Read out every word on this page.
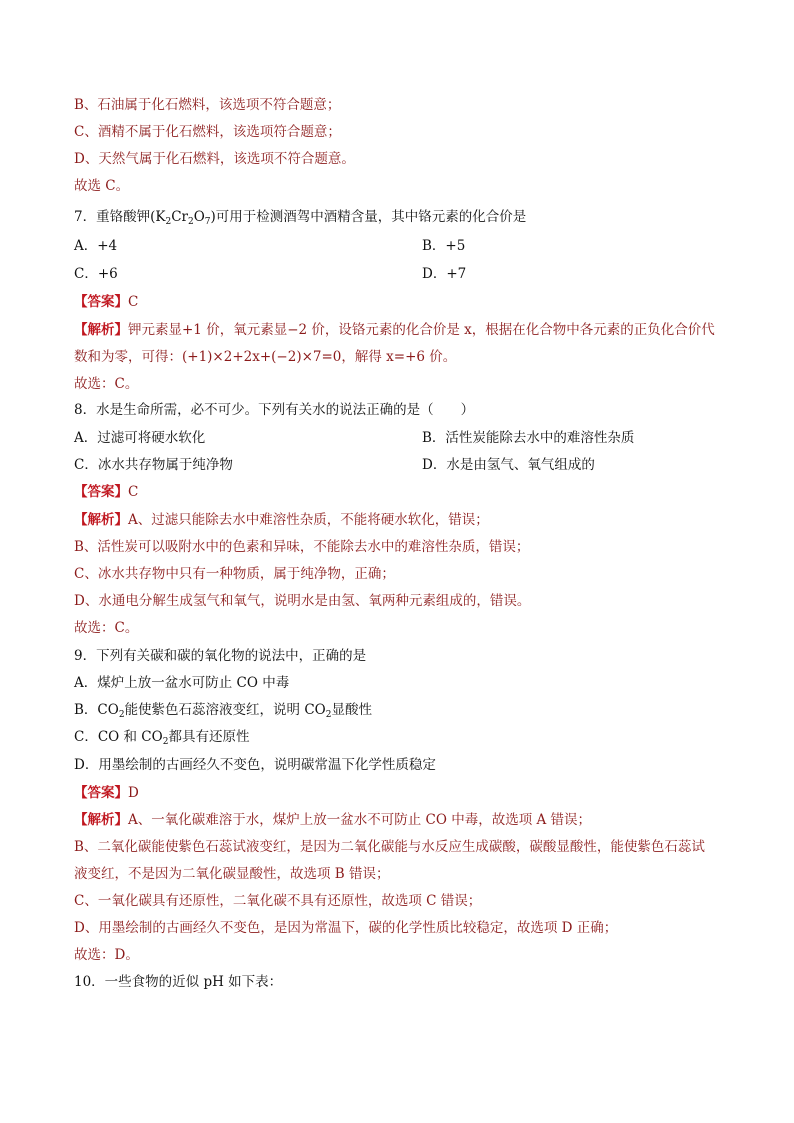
B、石油属于化石燃料，该选项不符合题意；
C、酒精不属于化石燃料，该选项符合题意；
D、天然气属于化石燃料，该选项不符合题意。
故选 C。
7．重铬酸钾$(K_2Cr_2O_7)$可用于检测酒驾中酒精含量，其中铬元素的化合价是
A．+4	B．+5
C．+6	D．+7
【答案】C
【解析】钾元素显+1 价，氧元素显−2 价，设铬元素的化合价是 x，根据在化合物中各元素的正负化合价代
数和为零，可得：(+1)×2+2x+(−2)×7=0，解得 x=+6 价。
故选：C。
8．水是生命所需，必不可少。下列有关水的说法正确的是（　　）
A．过滤可将硬水软化	B．活性炭能除去水中的难溶性杂质
C．冰水共存物属于纯净物	D．水是由氢气、氧气组成的
【答案】C
【解析】A、过滤只能除去水中难溶性杂质，不能将硬水软化，错误；
B、活性炭可以吸附水中的色素和异味，不能除去水中的难溶性杂质，错误；
C、冰水共存物中只有一种物质，属于纯净物，正确；
D、水通电分解生成氢气和氧气，说明水是由氢、氧两种元素组成的，错误。
故选：C。
9．下列有关碳和碳的氧化物的说法中，正确的是
A．煤炉上放一盆水可防止 CO 中毒
B．$CO_2$能使紫色石蕊溶液变红，说明 $CO_2$显酸性
C．CO 和 $CO_2$都具有还原性
D．用墨绘制的古画经久不变色，说明碳常温下化学性质稳定
【答案】D
【解析】A、一氧化碳难溶于水，煤炉上放一盆水不可防止 CO 中毒，故选项 A 错误；
B、二氧化碳能使紫色石蕊试液变红，是因为二氧化碳能与水反应生成碳酸，碳酸显酸性，能使紫色石蕊试
液变红，不是因为二氧化碳显酸性，故选项 B 错误；
C、一氧化碳具有还原性，二氧化碳不具有还原性，故选项 C 错误；
D、用墨绘制的古画经久不变色，是因为常温下，碳的化学性质比较稳定，故选项 D 正确；
故选：D。
10．一些食物的近似 pH 如下表：
